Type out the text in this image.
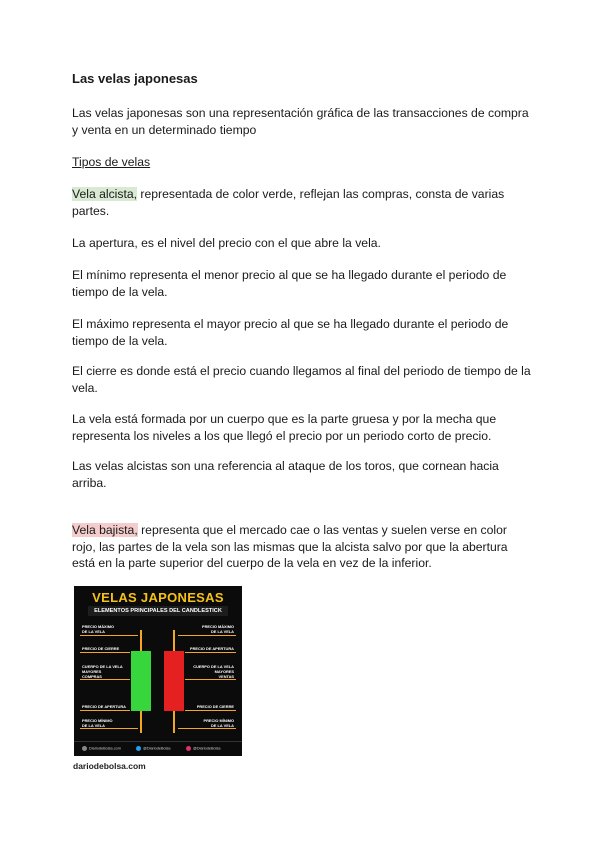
Las velas japonesas

Las velas japonesas son una representación gráfica de las transacciones de compra y venta en un determinado tiempo

Tipos de velas

Vela alcista, representada de color verde, reflejan las compras, consta de varias partes.

La apertura, es el nivel del precio con el que abre la vela.

El mínimo representa el menor precio al que se ha llegado durante el periodo de tiempo de la vela.

El máximo representa el mayor precio al que se ha llegado durante el periodo de tiempo de la vela.

El cierre es donde está el precio cuando llegamos al final del periodo de tiempo de la vela.

La vela está formada por un cuerpo que es la parte gruesa y por la mecha que representa los niveles a los que llegó el precio por un periodo corto de precio.

Las velas alcistas son una referencia al ataque de los toros, que cornean hacia arriba.

Vela bajista, representa que el mercado cae o las ventas y suelen verse en color rojo, las partes de la vela son las mismas que la alcista salvo por que la abertura está en la parte superior del cuerpo de la vela en vez de la inferior.

VELAS JAPONESAS
ELEMENTOS PRINCIPALES DEL CANDLESTICK
PRECIO MÁXIMO
DE LA VELA
PRECIO DE CIERRE
CUERPO DE LA VELA
MAYORES
COMPRAS
PRECIO DE APERTURA
PRECIO MÍNIMO
DE LA VELA
PRECIO MÁXIMO
DE LA VELA
PRECIO DE APERTURA
CUERPO DE LA VELA
MAYORES
VENTAS
PRECIO DE CIERRE
PRECIO MÍNIMO
DE LA VELA
DiariodeBolsa.com	@DiariodeBolsa	@DiariodeBolsa
dariodebolsa.com
